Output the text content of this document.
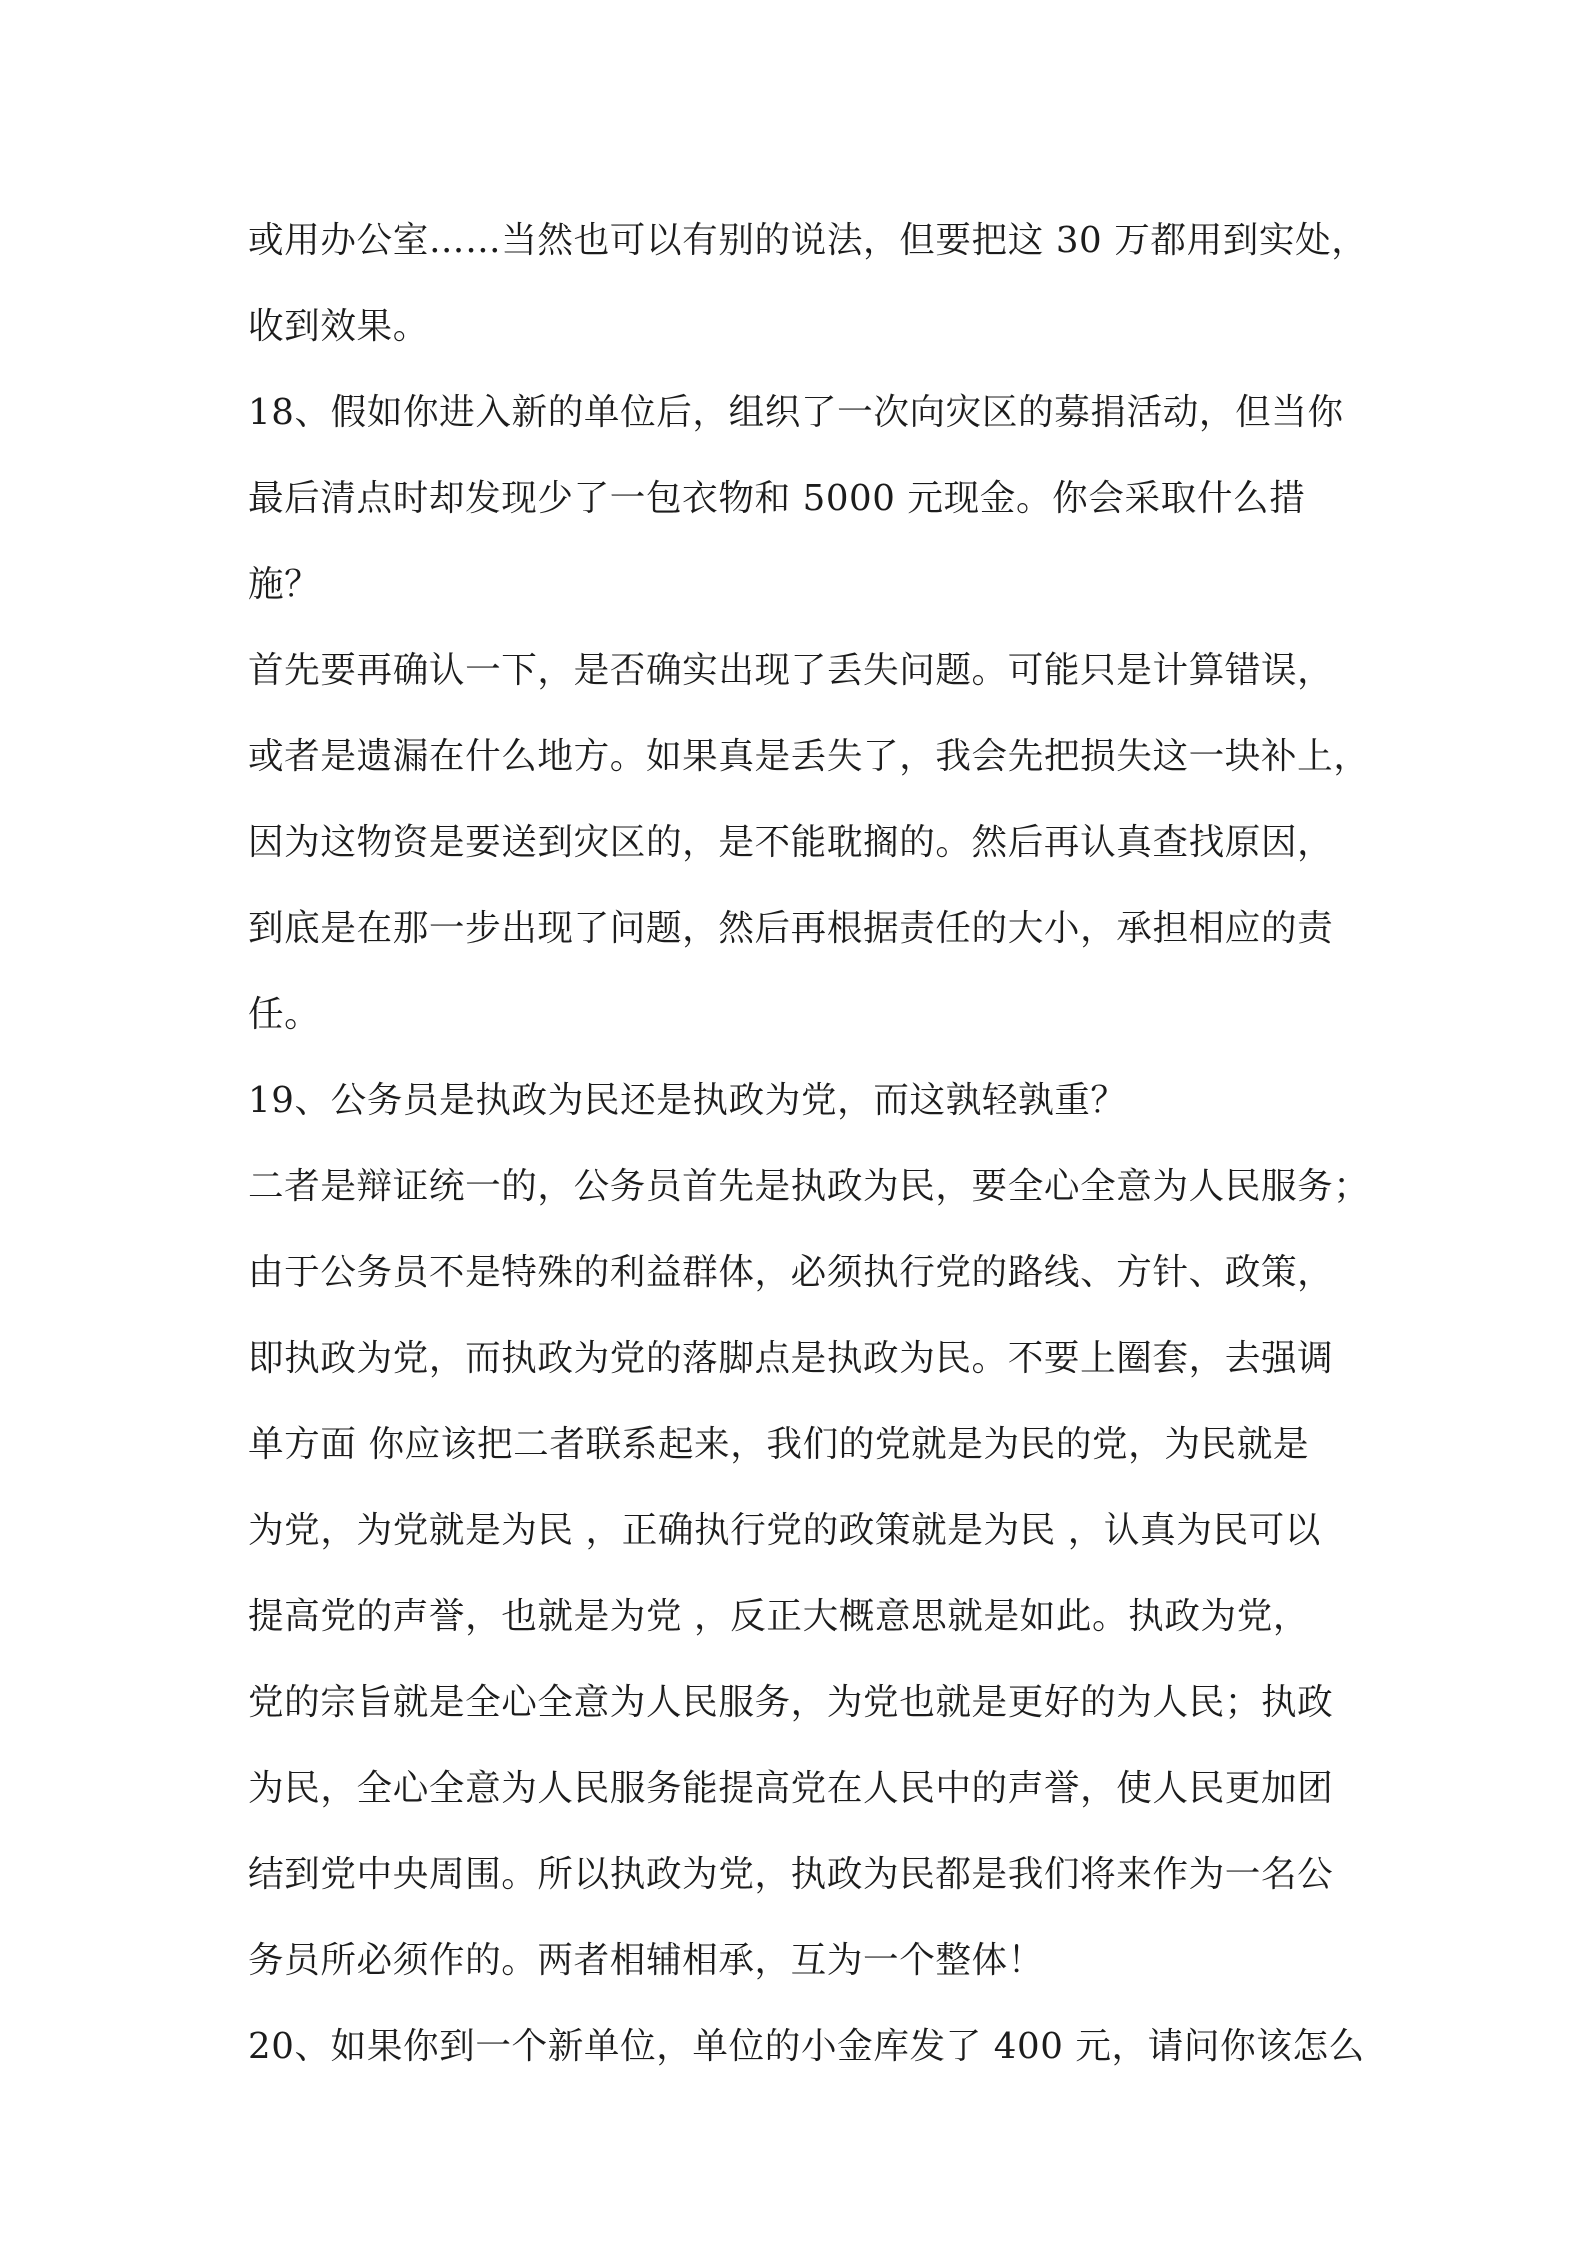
或用办公室……当然也可以有别的说法，但要把这 30 万都用到实处，
收到效果。
18、假如你进入新的单位后，组织了一次向灾区的募捐活动，但当你
最后清点时却发现少了一包衣物和 5000 元现金。你会采取什么措
施？
首先要再确认一下，是否确实出现了丢失问题。可能只是计算错误，
或者是遗漏在什么地方。如果真是丢失了，我会先把损失这一块补上，
因为这物资是要送到灾区的，是不能耽搁的。然后再认真查找原因，
到底是在那一步出现了问题，然后再根据责任的大小，承担相应的责
任。
19、公务员是执政为民还是执政为党，而这孰轻孰重？
二者是辩证统一的，公务员首先是执政为民，要全心全意为人民服务；
由于公务员不是特殊的利益群体，必须执行党的路线、方针、政策，
即执政为党，而执政为党的落脚点是执政为民。不要上圈套，去强调
单方面 你应该把二者联系起来，我们的党就是为民的党，为民就是
为党，为党就是为民 ，正确执行党的政策就是为民 ，认真为民可以
提高党的声誉，也就是为党 ，反正大概意思就是如此。执政为党，
党的宗旨就是全心全意为人民服务，为党也就是更好的为人民；执政
为民，全心全意为人民服务能提高党在人民中的声誉，使人民更加团
结到党中央周围。所以执政为党，执政为民都是我们将来作为一名公
务员所必须作的。两者相辅相承，互为一个整体！
20、如果你到一个新单位，单位的小金库发了 400 元，请问你该怎么
